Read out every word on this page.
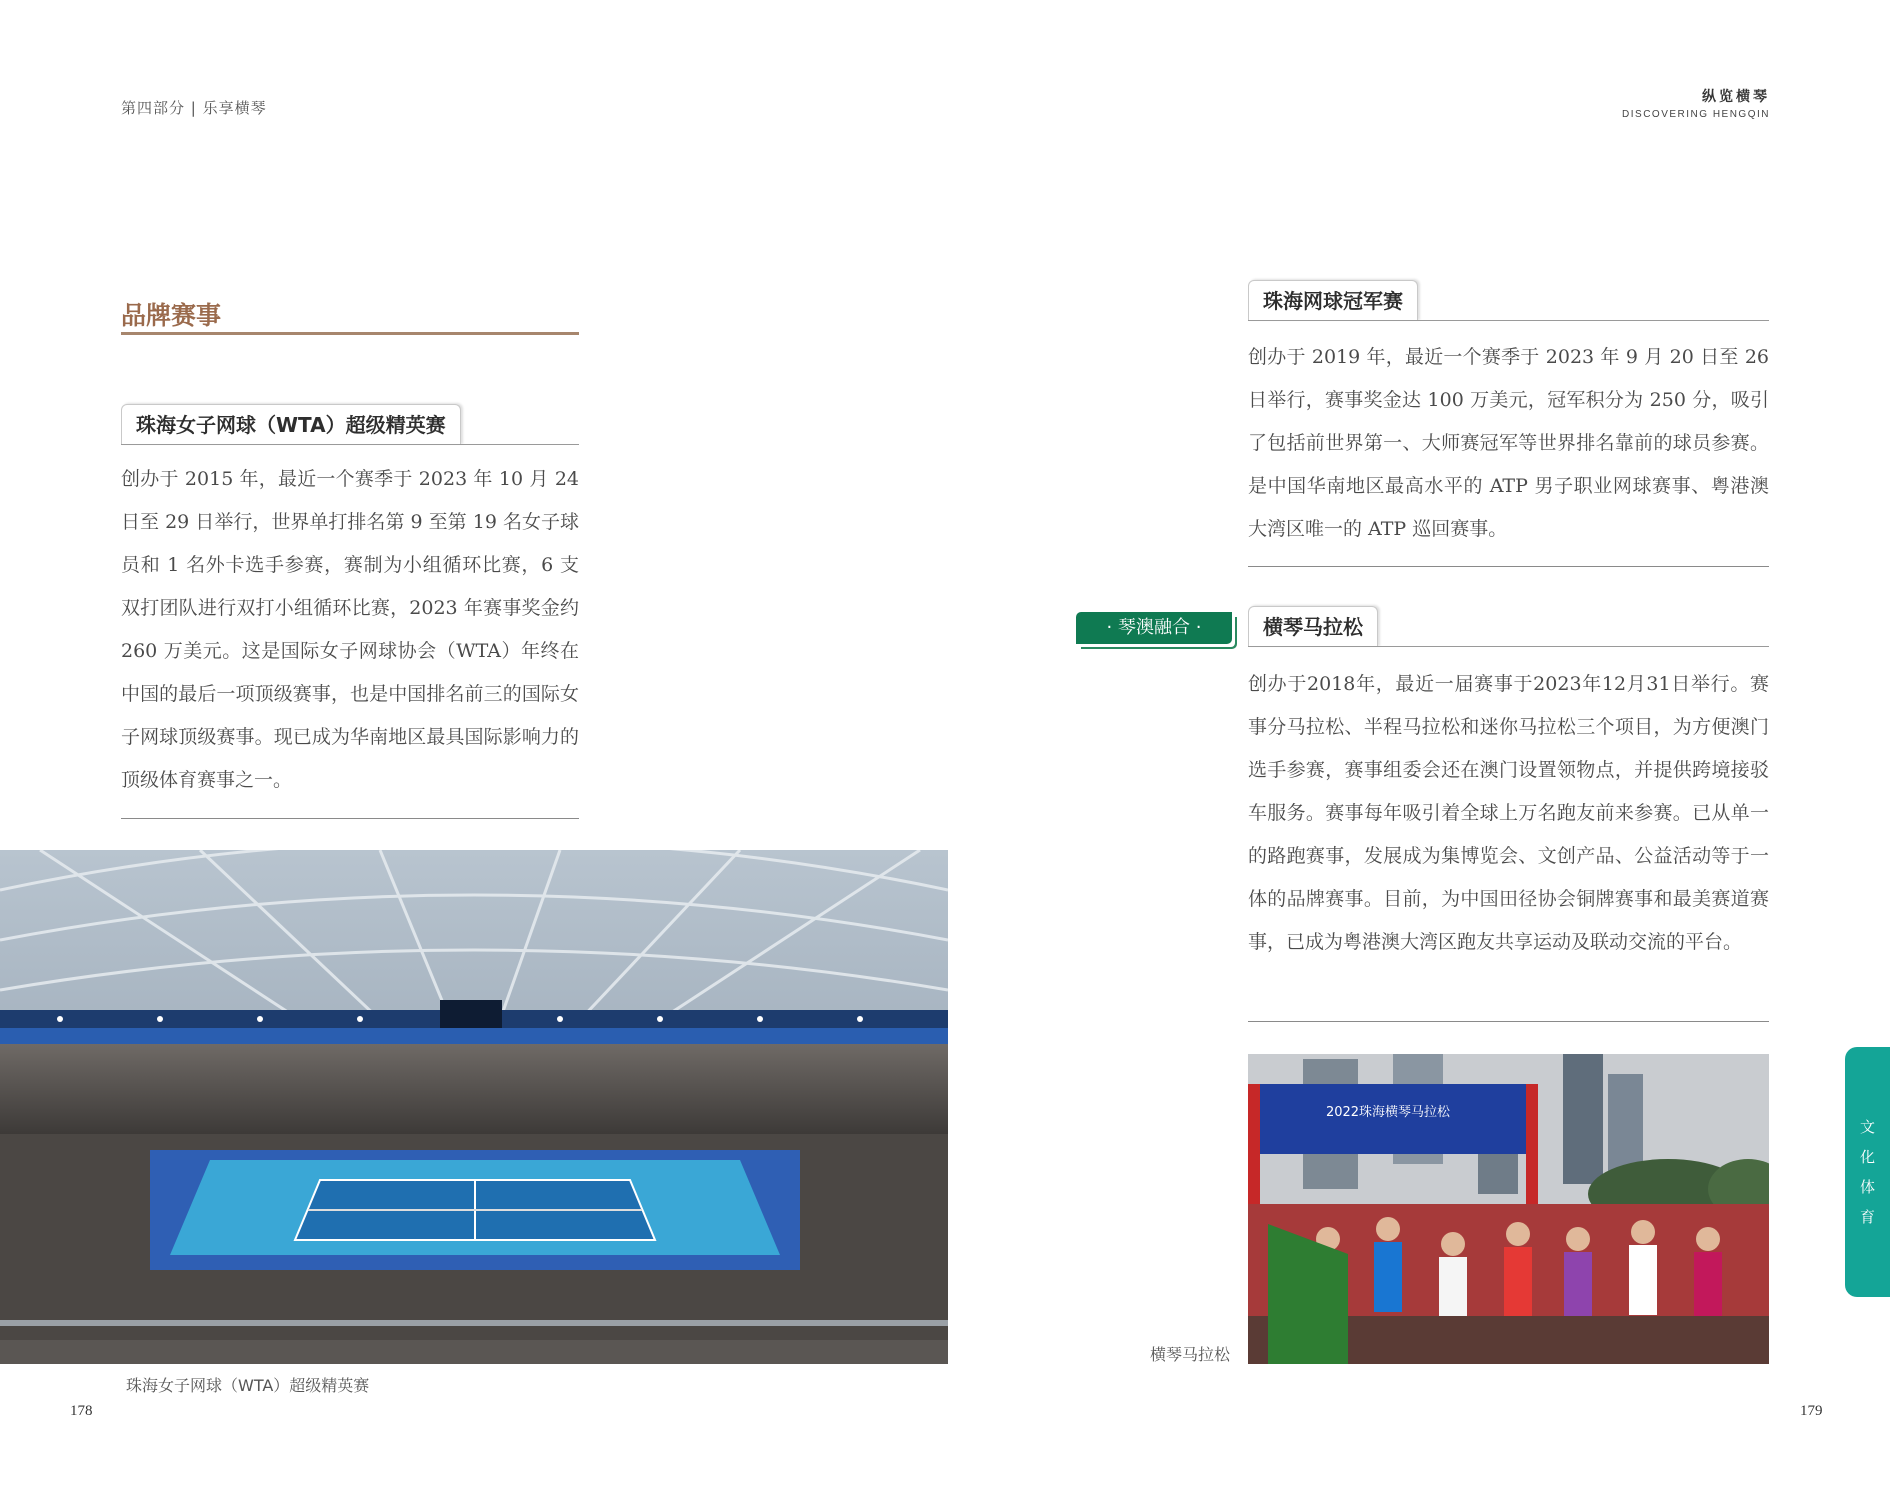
第四部分 | 乐享横琴
纵览横琴
DISCOVERING HENGQIN
品牌赛事
珠海女子网球（WTA）超级精英赛

创办于 2015 年，最近一个赛季于 2023 年 10 月 24 日至 29 日举行，世界单打排名第 9 至第 19 名女子球员和 1 名外卡选手参赛，赛制为小组循环比赛，6 支双打团队进行双打小组循环比赛，2023 年赛事奖金约 260 万美元。这是国际女子网球协会（WTA）年终在中国的最后一项顶级赛事，也是中国排名前三的国际女子网球顶级赛事。现已成为华南地区最具国际影响力的顶级体育赛事之一。

珠海女子网球（WTA）超级精英赛
珠海网球冠军赛

创办于 2019 年，最近一个赛季于 2023 年 9 月 20 日至 26 日举行，赛事奖金达 100 万美元，冠军积分为 250 分，吸引了包括前世界第一、大师赛冠军等世界排名靠前的球员参赛。是中国华南地区最高水平的 ATP 男子职业网球赛事、粤港澳大湾区唯一的 ATP 巡回赛事。

· 琴澳融合 ·	横琴马拉松

创办于2018年，最近一届赛事于2023年12月31日举行。赛事分马拉松、半程马拉松和迷你马拉松三个项目，为方便澳门选手参赛，赛事组委会还在澳门设置领物点，并提供跨境接驳车服务。赛事每年吸引着全球上万名跑友前来参赛。已从单一的路跑赛事，发展成为集博览会、文创产品、公益活动等于一体的品牌赛事。目前，为中国田径协会铜牌赛事和最美赛道赛事，已成为粤港澳大湾区跑友共享运动及联动交流的平台。

2022珠海横琴马拉松
横琴马拉松
文
化
体
育
178	179
